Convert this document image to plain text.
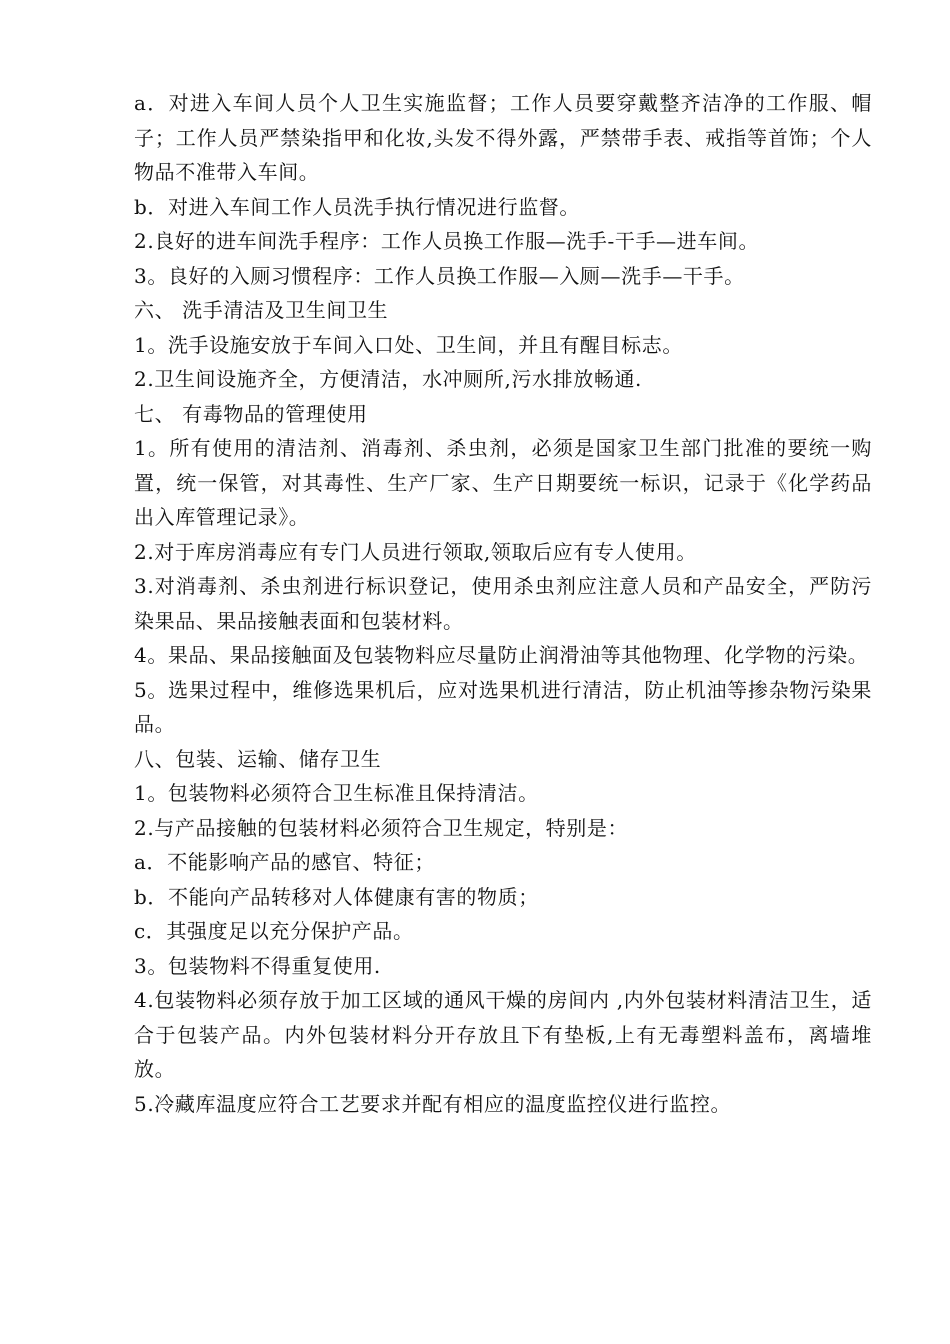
a．对进入车间人员个人卫生实施监督；工作人员要穿戴整齐洁净的工作服、帽子；工作人员严禁染指甲和化妆,头发不得外露，严禁带手表、戒指等首饰；个人物品不准带入车间。

b．对进入车间工作人员洗手执行情况进行监督。

2.良好的进车间洗手程序：工作人员换工作服—洗手-干手—进车间。

3。良好的入厕习惯程序：工作人员换工作服—入厕—洗手—干手。

六、 洗手清洁及卫生间卫生

1。洗手设施安放于车间入口处、卫生间，并且有醒目标志。

2.卫生间设施齐全，方便清洁，水冲厕所,污水排放畅通.

七、 有毒物品的管理使用

1。所有使用的清洁剂、消毒剂、杀虫剂，必须是国家卫生部门批准的要统一购置，统一保管，对其毒性、生产厂家、生产日期要统一标识，记录于《化学药品出入库管理记录》。

2.对于库房消毒应有专门人员进行领取,领取后应有专人使用。

3.对消毒剂、杀虫剂进行标识登记，使用杀虫剂应注意人员和产品安全，严防污染果品、果品接触表面和包装材料。

4。果品、果品接触面及包装物料应尽量防止润滑油等其他物理、化学物的污染。

5。选果过程中，维修选果机后，应对选果机进行清洁，防止机油等掺杂物污染果品。

八、包装、运输、储存卫生

1。包装物料必须符合卫生标准且保持清洁。

2.与产品接触的包装材料必须符合卫生规定，特别是：

a．不能影响产品的感官、特征；

b．不能向产品转移对人体健康有害的物质；

c．其强度足以充分保护产品。

3。包装物料不得重复使用.

4.包装物料必须存放于加工区域的通风干燥的房间内 ,内外包装材料清洁卫生，适合于包装产品。内外包装材料分开存放且下有垫板,上有无毒塑料盖布，离墙堆放。

5.冷藏库温度应符合工艺要求并配有相应的温度监控仪进行监控。
